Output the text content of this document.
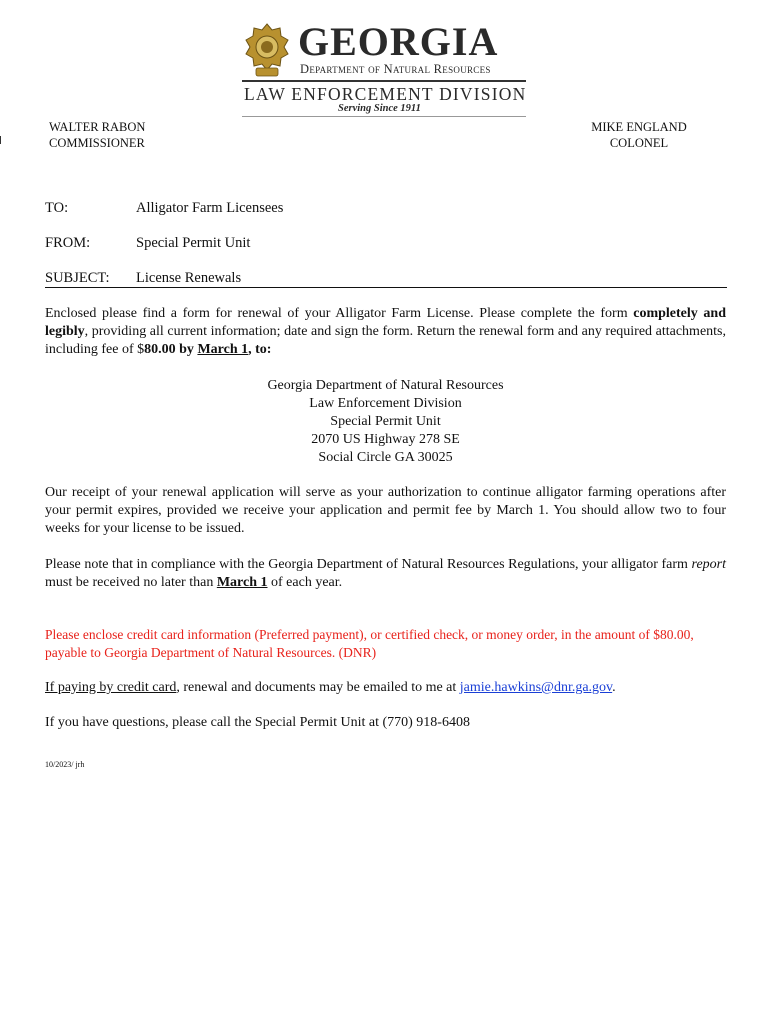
GEORGIA
Department of Natural Resources
LAW ENFORCEMENT DIVISION
Serving Since 1911
WALTER RABON
COMMISSIONER
MIKE ENGLAND
COLONEL
TO:	Alligator Farm Licensees
FROM:	Special Permit Unit
SUBJECT: License Renewals
Enclosed please find a form for renewal of your Alligator Farm License. Please complete the form completely and legibly, providing all current information; date and sign the form. Return the renewal form and any required attachments, including fee of $80.00 by March 1, to:
Georgia Department of Natural Resources
Law Enforcement Division
Special Permit Unit
2070 US Highway 278 SE
Social Circle GA 30025
Our receipt of your renewal application will serve as your authorization to continue alligator farming operations after your permit expires, provided we receive your application and permit fee by March 1. You should allow two to four weeks for your license to be issued.
Please note that in compliance with the Georgia Department of Natural Resources Regulations, your alligator farm report must be received no later than March 1 of each year.
Please enclose credit card information (Preferred payment), or certified check, or money order, in the amount of $80.00, payable to Georgia Department of Natural Resources. (DNR)
If paying by credit card, renewal and documents may be emailed to me at jamie.hawkins@dnr.ga.gov.
If you have questions, please call the Special Permit Unit at (770) 918-6408
10/2023/ jrh
